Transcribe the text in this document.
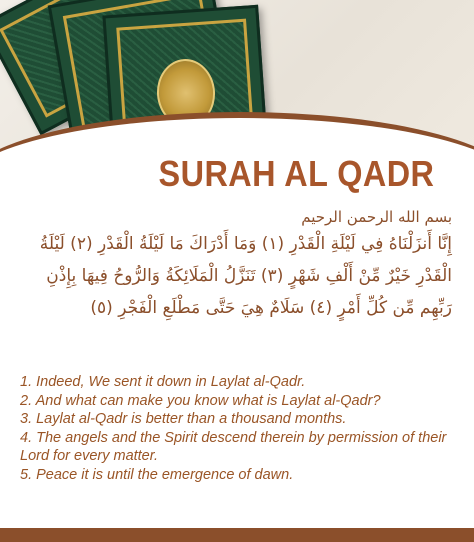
SURAH AL QADR
بسم الله الرحمن الرحيم
إِنَّا أَنزَلْنَاهُ فِي لَيْلَةِ الْقَدْرِ (١) وَمَا أَدْرَاكَ مَا لَيْلَةُ الْقَدْرِ (٢) لَيْلَةُ الْقَدْرِ خَيْرٌ مِّنْ أَلْفِ شَهْرٍ (٣) تَنَزَّلُ الْمَلَائِكَةُ وَالرُّوحُ فِيهَا بِإِذْنِ رَبِّهِم مِّن كُلِّ أَمْرٍ (٤) سَلَامٌ هِيَ حَتَّى مَطْلَعِ الْفَجْرِ (٥)
1. Indeed, We sent it down in Laylat al-Qadr.
2. And what can make you know what is Laylat al-Qadr?
3. Laylat al-Qadr is better than a thousand months.
4. The angels and the Spirit descend therein by permission of their Lord for every matter.
5. Peace it is until the emergence of dawn.
